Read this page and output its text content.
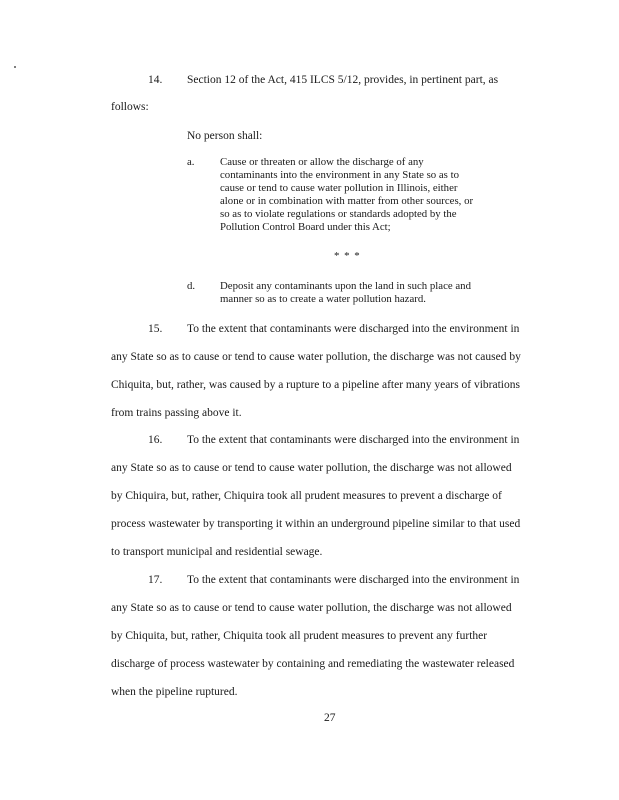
14. Section 12 of the Act, 415 ILCS 5/12, provides, in pertinent part, as
follows:
No person shall:
a. Cause or threaten or allow the discharge of any
contaminants into the environment in any State so as to
cause or tend to cause water pollution in Illinois, either
alone or in combination with matter from other sources, or
so as to violate regulations or standards adopted by the
Pollution Control Board under this Act;
* * *
d. Deposit any contaminants upon the land in such place and
manner so as to create a water pollution hazard.
15. To the extent that contaminants were discharged into the environment in
any State so as to cause or tend to cause water pollution, the discharge was not caused by
Chiquita, but, rather, was caused by a rupture to a pipeline after many years of vibrations
from trains passing above it.
16. To the extent that contaminants were discharged into the environment in
any State so as to cause or tend to cause water pollution, the discharge was not allowed
by Chiquira, but, rather, Chiquira took all prudent measures to prevent a discharge of
process wastewater by transporting it within an underground pipeline similar to that used
to transport municipal and residential sewage.
17. To the extent that contaminants were discharged into the environment in
any State so as to cause or tend to cause water pollution, the discharge was not allowed
by Chiquita, but, rather, Chiquita took all prudent measures to prevent any further
discharge of process wastewater by containing and remediating the wastewater released
when the pipeline ruptured.
27
